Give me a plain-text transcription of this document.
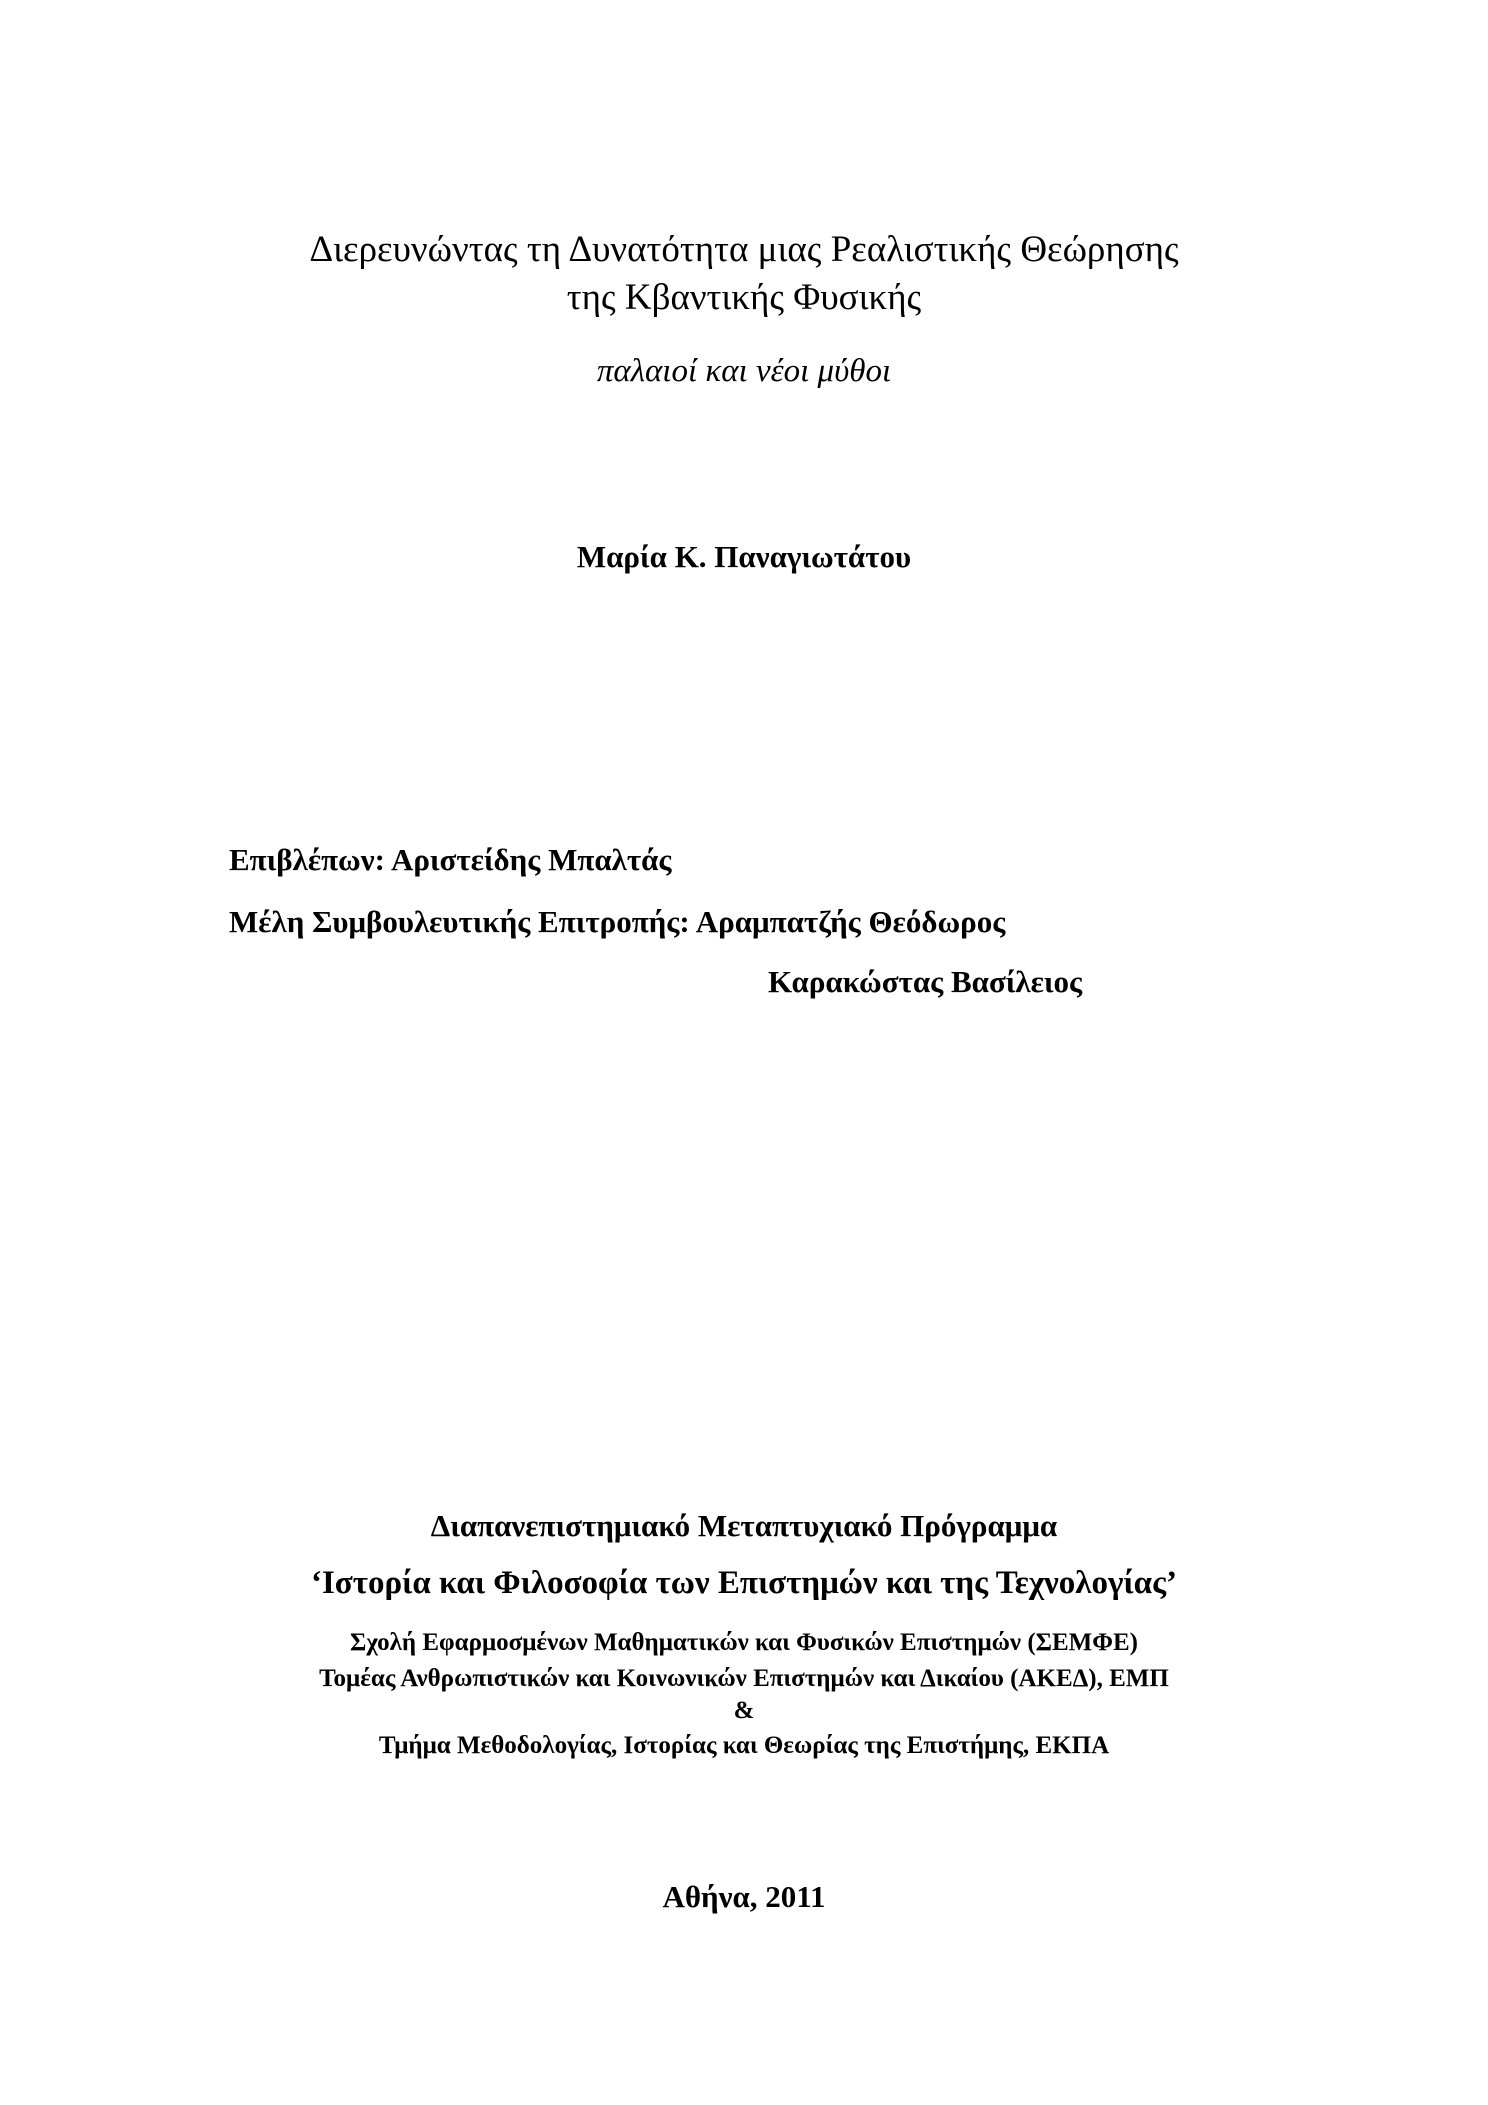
Διερευνώντας τη Δυνατότητα μιας Ρεαλιστικής Θεώρησης
της Κβαντικής Φυσικής
παλαιοί και νέοι μύθοι
Μαρία Κ. Παναγιωτάτου
Επιβλέπων: Αριστείδης Μπαλτάς
Μέλη Συμβουλευτικής Επιτροπής: Αραμπατζής Θεόδωρος
Καρακώστας Βασίλειος
Διαπανεπιστημιακό Μεταπτυχιακό Πρόγραμμα
‘Ιστορία και Φιλοσοφία των Επιστημών και της Τεχνολογίας’
Σχολή Εφαρμοσμένων Μαθηματικών και Φυσικών Επιστημών (ΣΕΜΦΕ)
Τομέας Ανθρωπιστικών και Κοινωνικών Επιστημών και Δικαίου (ΑΚΕΔ), ΕΜΠ
&
Τμήμα Μεθοδολογίας, Ιστορίας και Θεωρίας της Επιστήμης, ΕΚΠΑ
Αθήνα, 2011
